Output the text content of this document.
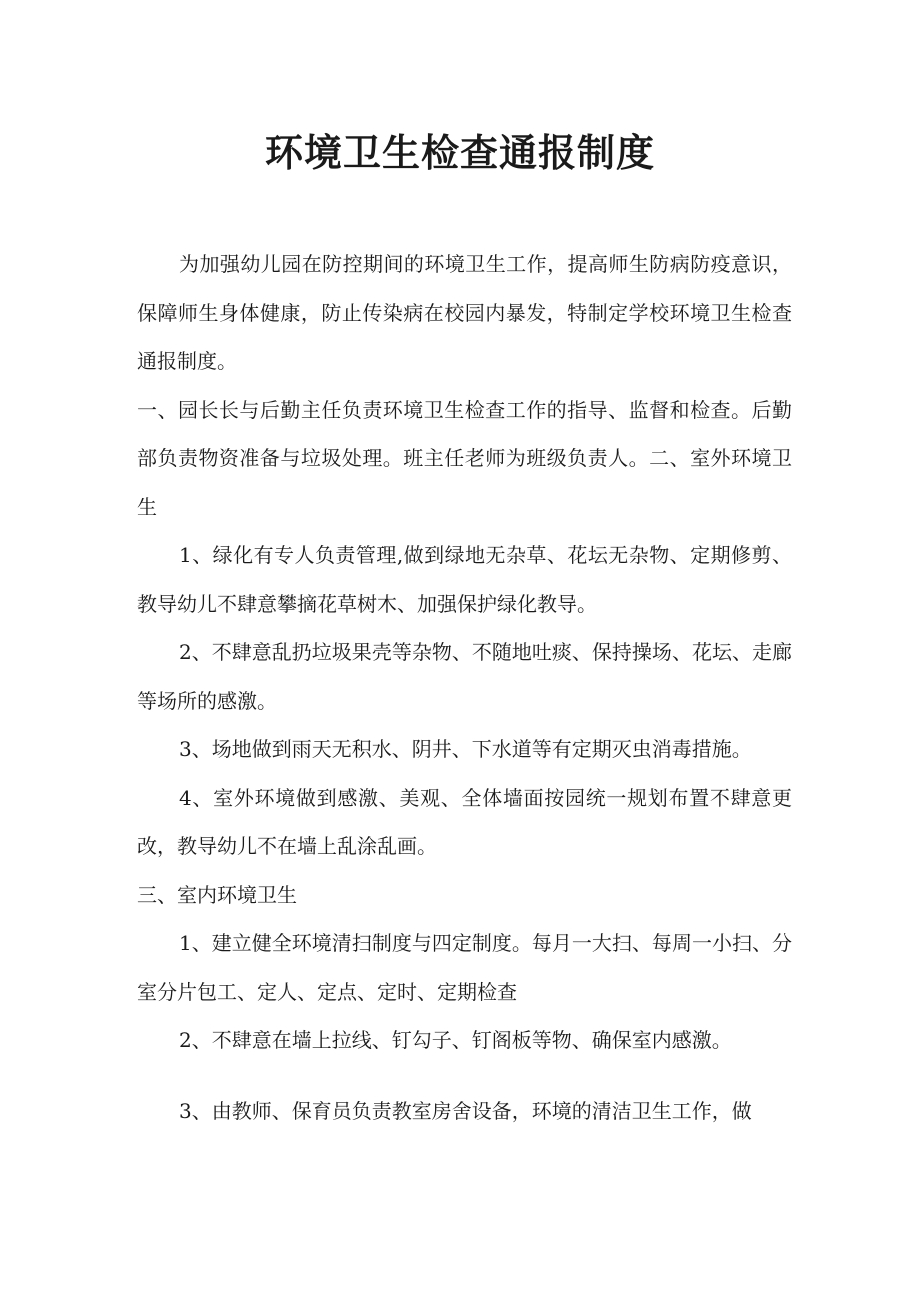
环境卫生检查通报制度

为加强幼儿园在防控期间的环境卫生工作，提高师生防病防疫意识，保障师生身体健康，防止传染病在校园内暴发，特制定学校环境卫生检查通报制度。

一、园长长与后勤主任负责环境卫生检查工作的指导、监督和检查。后勤部负责物资准备与垃圾处理。班主任老师为班级负责人。二、室外环境卫生

1、绿化有专人负责管理,做到绿地无杂草、花坛无杂物、定期修剪、教导幼儿不肆意攀摘花草树木、加强保护绿化教导。

2、不肆意乱扔垃圾果壳等杂物、不随地吐痰、保持操场、花坛、走廊等场所的感激。

3、场地做到雨天无积水、阴井、下水道等有定期灭虫消毒措施。

4、室外环境做到感激、美观、全体墙面按园统一规划布置不肆意更改，教导幼儿不在墙上乱涂乱画。

三、室内环境卫生

1、建立健全环境清扫制度与四定制度。每月一大扫、每周一小扫、分室分片包工、定人、定点、定时、定期检查

2、不肆意在墙上拉线、钉勾子、钉阁板等物、确保室内感激。

3、由教师、保育员负责教室房舍设备，环境的清洁卫生工作，做
